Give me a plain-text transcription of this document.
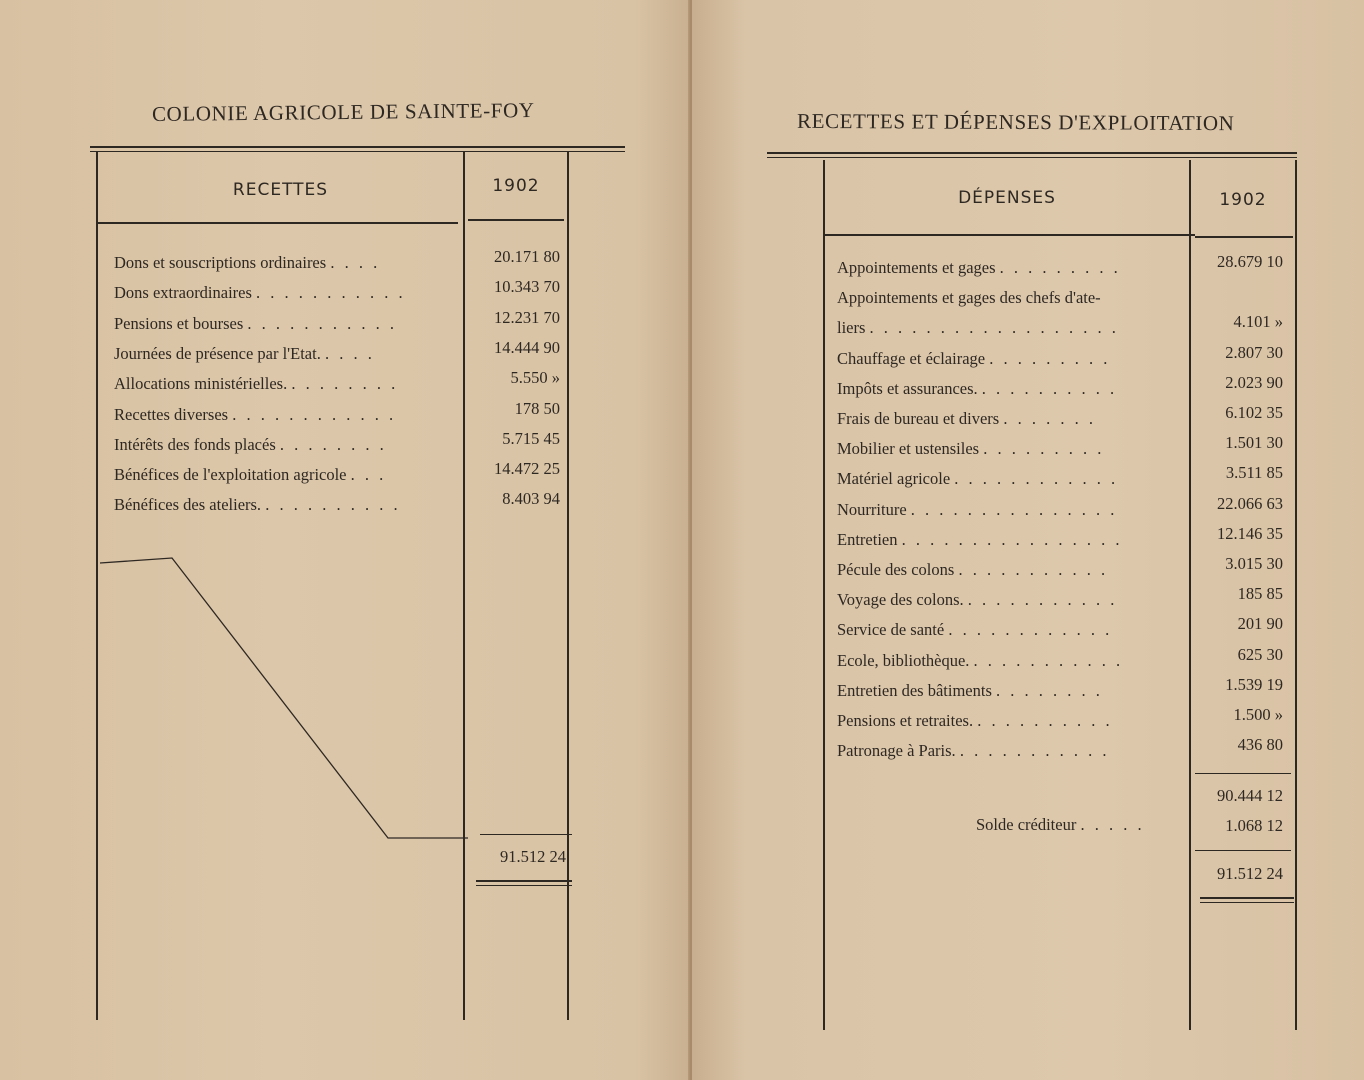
COLONIE AGRICOLE DE SAINTE-FOY
RECETTES	1902
Dons et souscriptions ordinaires . . . .	20.171 80
Dons extraordinaires . . . . . . . . . . .	10.343 70
Pensions et bourses . . . . . . . . . . .	12.231 70
Journées de présence par l'Etat. . . . .	14.444 90
Allocations ministérielles. . . . . . . . .	5.550 »
Recettes diverses . . . . . . . . . . . .	178 50
Intérêts des fonds placés . . . . . . . .	5.715 45
Bénéfices de l'exploitation agricole . . .	14.472 25
Bénéfices des ateliers. . . . . . . . . . .	8.403 94
91.512 24
RECETTES ET DÉPENSES D'EXPLOITATION
DÉPENSES	1902
Appointements et gages . . . . . . . . .	28.679 10
Appointements et gages des chefs d'ate-
liers . . . . . . . . . . . . . . . . . .	4.101 »
Chauffage et éclairage . . . . . . . . .	2.807 30
Impôts et assurances. . . . . . . . . . .	2.023 90
Frais de bureau et divers . . . . . . .	6.102 35
Mobilier et ustensiles . . . . . . . . .	1.501 30
Matériel agricole . . . . . . . . . . . .	3.511 85
Nourriture . . . . . . . . . . . . . . .	22.066 63
Entretien . . . . . . . . . . . . . . . .	12.146 35
Pécule des colons . . . . . . . . . . .	3.015 30
Voyage des colons. . . . . . . . . . . .	185 85
Service de santé . . . . . . . . . . . .	201 90
Ecole, bibliothèque. . . . . . . . . . . .	625 30
Entretien des bâtiments . . . . . . . .	1.539 19
Pensions et retraites. . . . . . . . . . .	1.500 »
Patronage à Paris. . . . . . . . . . . .	436 80
90.444 12
Solde créditeur . . . . .	1.068 12
91.512 24
